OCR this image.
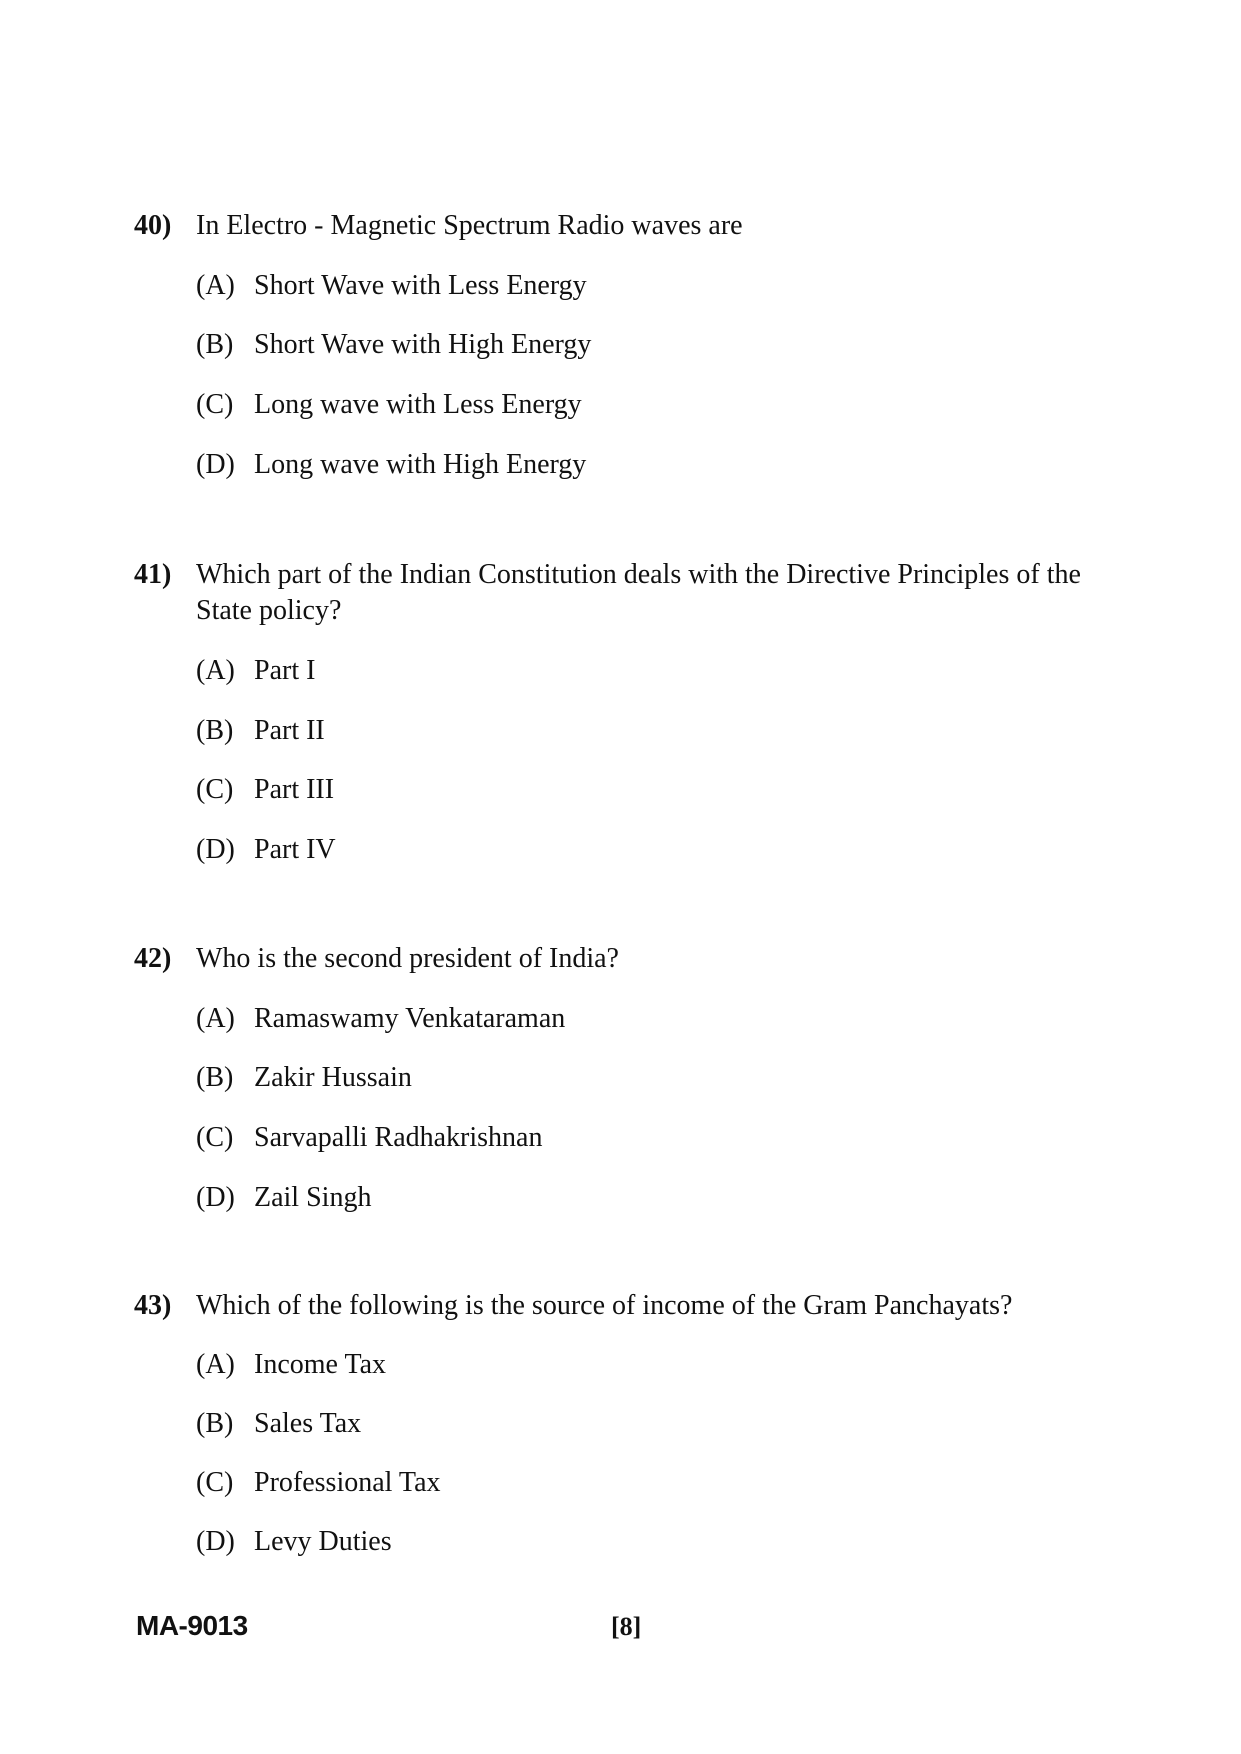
40) In Electro - Magnetic Spectrum Radio waves are
(A) Short Wave with Less Energy
(B) Short Wave with High Energy
(C) Long wave with Less Energy
(D) Long wave with High Energy
41) Which part of the Indian Constitution deals with the Directive Principles of the State policy?
(A) Part I
(B) Part II
(C) Part III
(D) Part IV
42) Who is the second president of India?
(A) Ramaswamy Venkataraman
(B) Zakir Hussain
(C) Sarvapalli Radhakrishnan
(D) Zail Singh
43) Which of the following is the source of income of the Gram Panchayats?
(A) Income Tax
(B) Sales Tax
(C) Professional Tax
(D) Levy Duties
MA-9013	[8]
